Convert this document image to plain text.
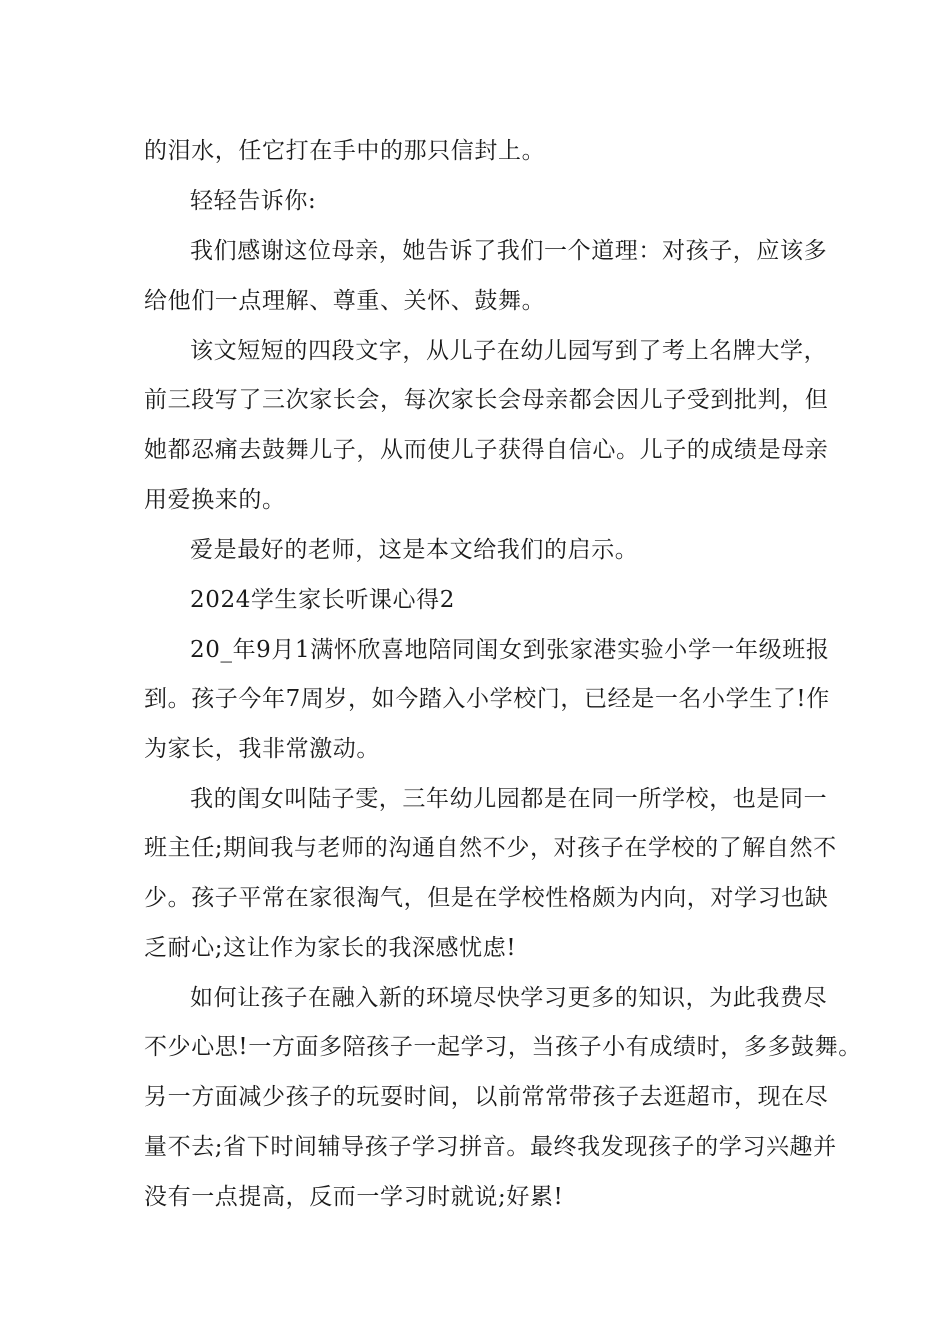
的泪水，任它打在手中的那只信封上。
轻轻告诉你:
我们感谢这位母亲，她告诉了我们一个道理：对孩子，应该多
给他们一点理解、尊重、关怀、鼓舞。
该文短短的四段文字，从儿子在幼儿园写到了考上名牌大学，
前三段写了三次家长会，每次家长会母亲都会因儿子受到批判，但
她都忍痛去鼓舞儿子，从而使儿子获得自信心。儿子的成绩是母亲
用爱换来的。
爱是最好的老师，这是本文给我们的启示。
2024学生家长听课心得2
20_年9月1满怀欣喜地陪同闺女到张家港实验小学一年级班报
到。孩子今年7周岁，如今踏入小学校门，已经是一名小学生了!作
为家长，我非常激动。
我的闺女叫陆子雯，三年幼儿园都是在同一所学校，也是同一
班主任;期间我与老师的沟通自然不少，对孩子在学校的了解自然不
少。孩子平常在家很淘气，但是在学校性格颇为内向，对学习也缺
乏耐心;这让作为家长的我深感忧虑!
如何让孩子在融入新的环境尽快学习更多的知识，为此我费尽
不少心思!一方面多陪孩子一起学习，当孩子小有成绩时，多多鼓舞。
另一方面减少孩子的玩耍时间，以前常常带孩子去逛超市，现在尽
量不去;省下时间辅导孩子学习拼音。最终我发现孩子的学习兴趣并
没有一点提高，反而一学习时就说;好累!
